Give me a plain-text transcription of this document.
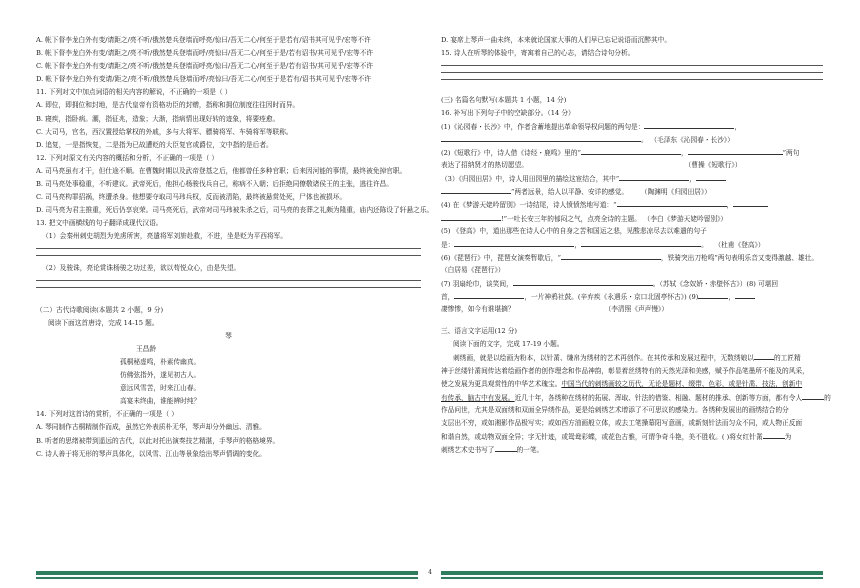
A. 帐下督李龙白外有变/请距之/亮不听/俄然楚兵登墙而呼亮/惊曰/吾无二心/何至于是若有/诏书其可见乎/宏等不许
B. 帐下督李龙白外有变/请距之/亮不听/俄然楚兵登墙而呼/亮惊曰/吾无二心/何至于是/若有诏书/其可见乎/宏等不许
C. 帐下督李龙白外有变/请距之/亮不听/俄然楚兵登墙而呼亮/惊曰/吾无二心/何至于是/若有诏书/其可见乎/宏等不许
D. 帐下督李龙白外有变请/距之/亮不听/俄然楚兵登墙而呼/亮惊曰/吾无二心/何至于是若有/诏书其可见乎/宏等不许
11. 下列对文中加点词语的相关内容的解说，不正确的一项是（ ）
A. 即位，即拥位和封地，是古代皇帝有资格功臣的封赠，指称和拥位制度往往因时而异。
B. 寝疾，指卧病。潮，指征兆，造象；大渐，指病情出现好转的迹象，将要痊愈。
C. 大司马，官名，西汉置授给掌权的外戚，多与大将军、骠骑将军、车骑将军等联称。
D. 追复，一是指恢复，二是指为已故遭贬的大臣复官或爵位，文中指的是后者。
12. 下列对原文有关内容的概括和分析，不正确的一项是（ ）
A. 司马亮虽有才干，但仕途不顺。在曹魏时期以及武帝登基之后，他都曾任多种官职；后来因河能的事情，最终被免掉官职。
B. 司马亮处事稳重，不听建议。武帝死后，他担心杨骏伐兵自己，称病不入朝；后拒绝同僚敬诸侯王的主张，逃往许昌。
C. 司马亮构罪招祸，终遭杀身。他想要夺取司马玮兵权，反而被清陷，最终被悬赏处死，尸体也被损坏。
D. 司马亮为君主推重，死后仍享哀荣。司马亮死后，武帝对司马玮被朱杀之后，司马亮的丧葬之礼颇为隆重，庙内还陈设了轩悬之乐。
13. 把文中画横线的句子翻译成现代汉语。
（1）会秦州刺史胡烈为羌虏所害，亮遣将军刘旂赴救，不进，坐是贬为平西将军。
（2）及骏诛，亮论赏诛杨骏之功过差，欲以苟悦众心，由是失望。
（二）古代诗歌阅读(本题共 2 小题，9 分)
阅读下面这首唐诗，完成 14-15 题。
琴
王昌龄
孤桐秘虚鸣，朴素传幽真。
仿佛弦指外，遂见初古人。
意远风雪苦，时来江山春。
高宴未终曲，谁能辨时纯？
14. 下列对这首诗的赏析，不正确的一项是（ ）
A. 琴同制作古桐精制作而成，虽然它外表质朴无华，琴声却分外幽远、清雅。
B. 听者的思绪被带到遥远的古代，以此对托出演奏技艺精湛，手琴声的格格境界。
C. 诗人善于将无形的琴声具体化，以风雪、江山等景象绘出琴声情调的变化。
D. 宴席上琴声一曲未终，本来就论国家大事的人们早已忘记说语而沉醉其中。
15. 诗人在听琴的体验中，寄寓着自己的心志，请结合诗句分析。
(三) 名篇名句默写(本题共 1 小题，14 分)
16. 补写出下列句子中的空缺部分。（14 分）
(1)《沁园春・长沙》中，作者含蓄地提出革命领导权问题的两句是：	，
。 （毛泽东《沁园春・长沙》）
(2)《短歌行》中，诗人借《诗经・鹿鸣》里的“	，	”两句
表达了招纳贤才的热切愿望。	（曹操《短歌行》）
（3）《归园田居》中，诗人用田园里的描绘这宦结合，其中“	，
”两者远景，给人以平静、安详的感觉。 （陶渊明《归园田居》）
(4) 在《梦游天姥吟留别》一诗结尾，诗人愤愤然地写道：“	，
!”一吐长安三年的郁闷之气，点亮全诗的主题。 （李白《梦游天姥吟留别》）
(5) 《登高》中，道出那些在诗人心中的自身之苦和国运之悲，见酸悲凉尽去以难遣的句子
是：	，	。 （杜甫《登高》）
(6)《琵琶行》中，琵琶女演奏暂歇后，“	，铁骑突出刀枪鸣”两句表明乐音又变得激越、雄壮。
（白居易《琵琶行》）
(7) 羽扇纶巾，谈笑间，	。（苏轼《念奴娇・赤壁怀古》）(8) 可堪回
首，	，一片神鸦社鼓。(辛弃疾《永遇乐・京口北固亭怀古》) (9)	，
凄惨惨，如今有谁堪摘？	（李清照《声声慢》）
三、语言文字运用(12 分)
阅读下面的文字，完成 17-19 小题。
刺绣画，就是以绘画为粉本，以针黹、缣帛为绣材的艺术再创作。在其传承和发展过程中，无数绣娘以	的工匠精
神于丝缕针黹间传达着绘画作者的创作理念和作品神韵，彰显着丝绣特有的天然光泽和美感，赋予作品笔墨所不能及的风采，
使之发展为更具观赏性的中华艺术瑰宝。中国当代的刺绣画较之历代，无论是题材、缀带、色彩，或是针黹、技法，创新中
有传承，脑古中有发展。近几十年，各绣种在绣材的拓展、浑取、针法的借鉴、相融、题材的推承、创新等方面，都有令人	的
作品问世，尤其是双面绣和双面全异绣作品，更是给刺绣艺术增添了不可思议的感染力。各绣种发展出的画绣结合的分
支层出不穷，或如湘影作品极写实；或如西方油画般立体，或去工笔操幕阳写意画，或新刻针法而匀众不同，或人物正反面
和谐自然，或动物双面全异；字无针迹，或鸳鸯彩蝶，或花色古雅，可谓争奇斗艳，美不胜收。( )将女红针黹	为
刺绣艺术史书写了	的一笔。
4
